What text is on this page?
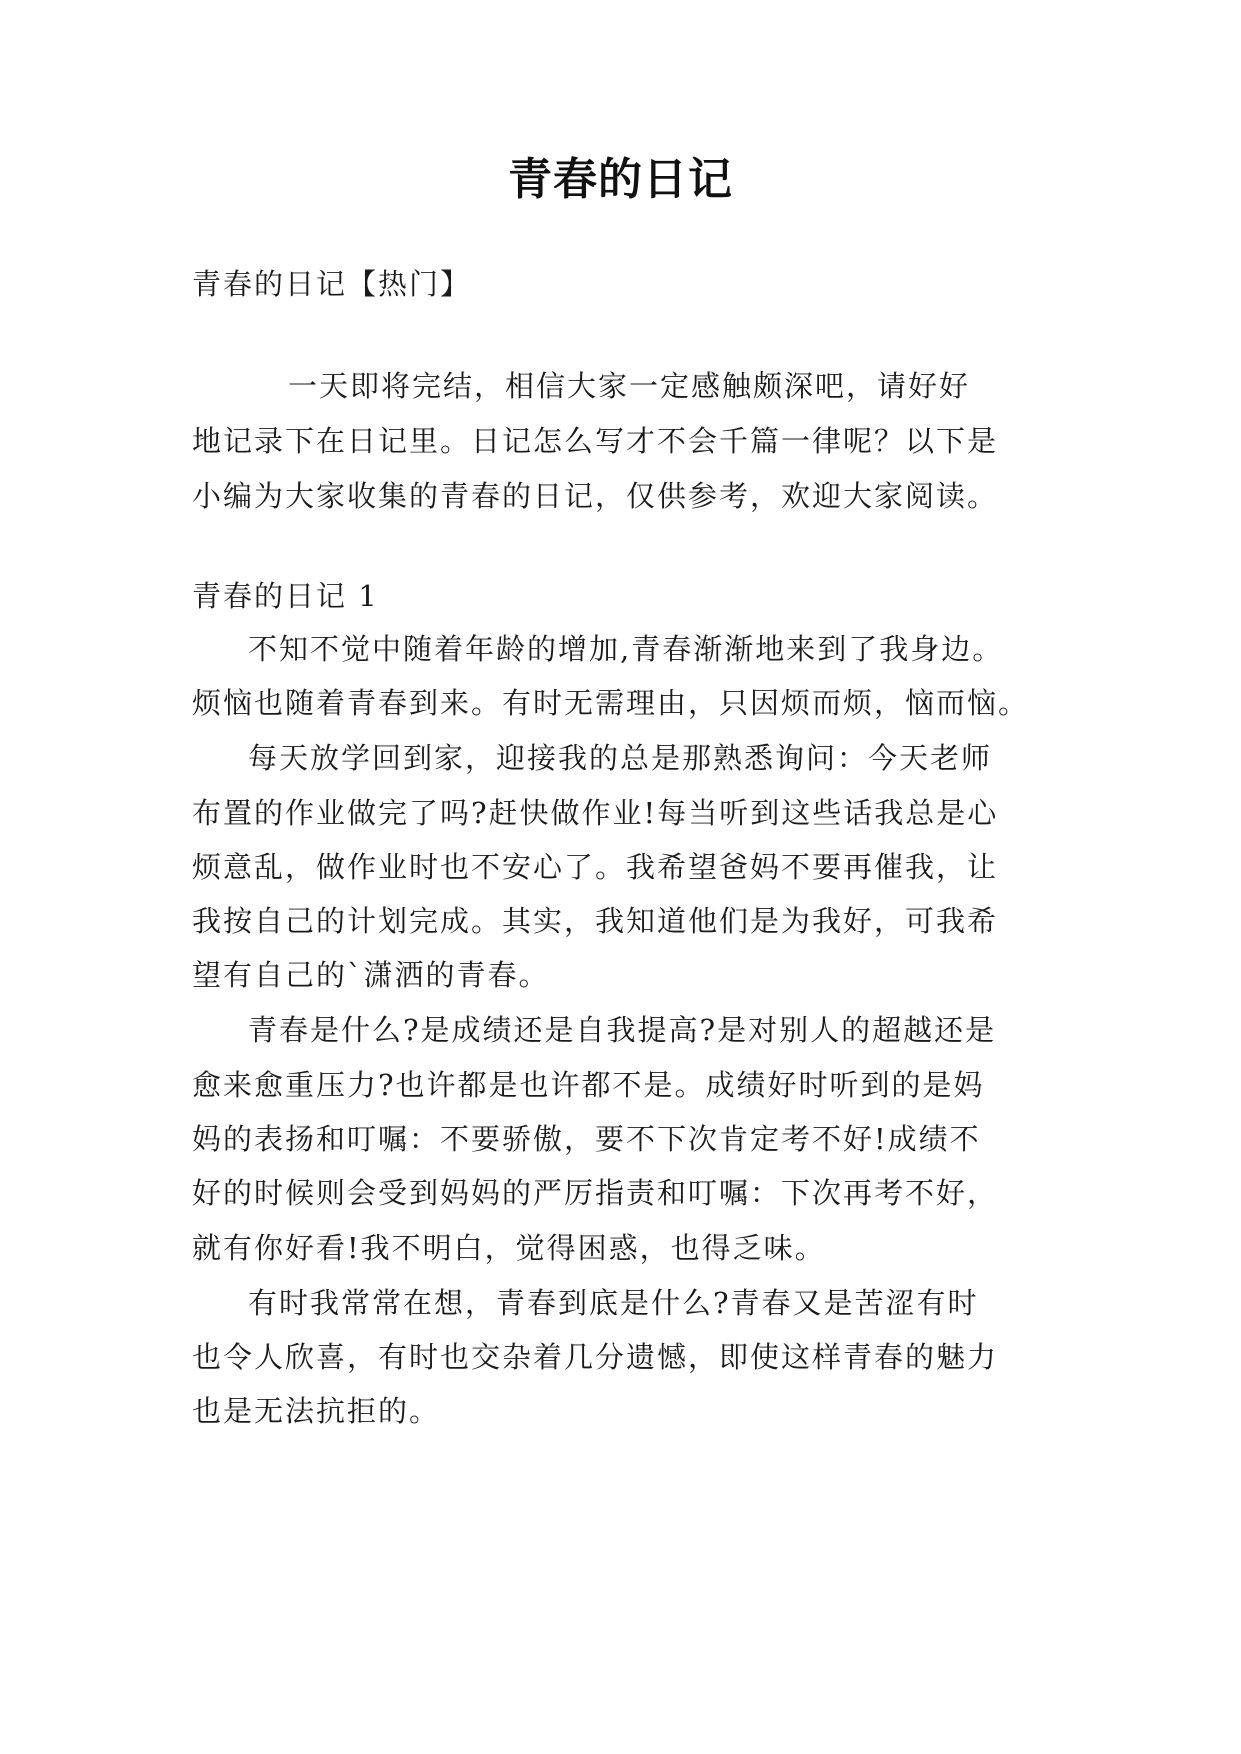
青春的日记
青春的日记【热门】
一天即将完结，相信大家一定感触颇深吧，请好好
地记录下在日记里。日记怎么写才不会千篇一律呢？以下是
小编为大家收集的青春的日记，仅供参考，欢迎大家阅读。
青春的日记 1
不知不觉中随着年龄的增加,青春渐渐地来到了我身边。
烦恼也随着青春到来。有时无需理由，只因烦而烦，恼而恼。
每天放学回到家，迎接我的总是那熟悉询问：今天老师
布置的作业做完了吗?赶快做作业!每当听到这些话我总是心
烦意乱，做作业时也不安心了。我希望爸妈不要再催我，让
我按自己的计划完成。其实，我知道他们是为我好，可我希
望有自己的`潇洒的青春。
青春是什么?是成绩还是自我提高?是对别人的超越还是
愈来愈重压力?也许都是也许都不是。成绩好时听到的是妈
妈的表扬和叮嘱：不要骄傲，要不下次肯定考不好!成绩不
好的时候则会受到妈妈的严厉指责和叮嘱：下次再考不好，
就有你好看!我不明白，觉得困惑，也得乏味。
有时我常常在想，青春到底是什么?青春又是苦涩有时
也令人欣喜，有时也交杂着几分遗憾，即使这样青春的魅力
也是无法抗拒的。
